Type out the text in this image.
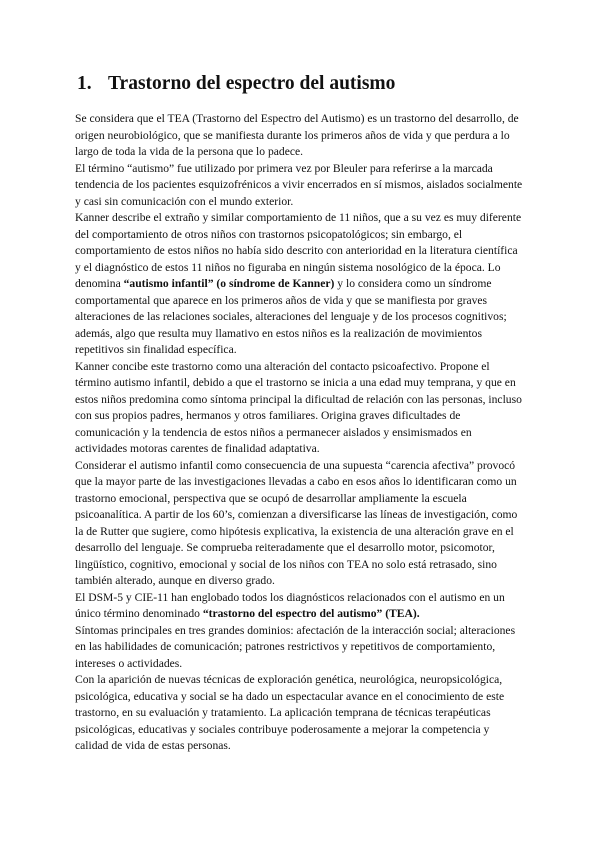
1. Trastorno del espectro del autismo

Se considera que el TEA (Trastorno del Espectro del Autismo) es un trastorno del desarrollo, de origen neurobiológico, que se manifiesta durante los primeros años de vida y que perdura a lo largo de toda la vida de la persona que lo padece.

El término “autismo” fue utilizado por primera vez por Bleuler para referirse a la marcada tendencia de los pacientes esquizofrénicos a vivir encerrados en sí mismos, aislados socialmente y casi sin comunicación con el mundo exterior.

Kanner describe el extraño y similar comportamiento de 11 niños, que a su vez es muy diferente del comportamiento de otros niños con trastornos psicopatológicos; sin embargo, el comportamiento de estos niños no había sido descrito con anterioridad en la literatura científica y el diagnóstico de estos 11 niños no figuraba en ningún sistema nosológico de la época. Lo denomina “autismo infantil” (o síndrome de Kanner) y lo considera como un síndrome comportamental que aparece en los primeros años de vida y que se manifiesta por graves alteraciones de las relaciones sociales, alteraciones del lenguaje y de los procesos cognitivos; además, algo que resulta muy llamativo en estos niños es la realización de movimientos repetitivos sin finalidad específica.

Kanner concibe este trastorno como una alteración del contacto psicoafectivo. Propone el término autismo infantil, debido a que el trastorno se inicia a una edad muy temprana, y que en estos niños predomina como síntoma principal la dificultad de relación con las personas, incluso con sus propios padres, hermanos y otros familiares. Origina graves dificultades de comunicación y la tendencia de estos niños a permanecer aislados y ensimismados en actividades motoras carentes de finalidad adaptativa.

Considerar el autismo infantil como consecuencia de una supuesta “carencia afectiva” provocó que la mayor parte de las investigaciones llevadas a cabo en esos años lo identificaran como un trastorno emocional, perspectiva que se ocupó de desarrollar ampliamente la escuela psicoanalítica. A partir de los 60’s, comienzan a diversificarse las líneas de investigación, como la de Rutter que sugiere, como hipótesis explicativa, la existencia de una alteración grave en el desarrollo del lenguaje. Se comprueba reiteradamente que el desarrollo motor, psicomotor, lingüístico, cognitivo, emocional y social de los niños con TEA no solo está retrasado, sino también alterado, aunque en diverso grado.

El DSM-5 y CIE-11 han englobado todos los diagnósticos relacionados con el autismo en un único término denominado “trastorno del espectro del autismo” (TEA).

Síntomas principales en tres grandes dominios: afectación de la interacción social; alteraciones en las habilidades de comunicación; patrones restrictivos y repetitivos de comportamiento, intereses o actividades.

Con la aparición de nuevas técnicas de exploración genética, neurológica, neuropsicológica, psicológica, educativa y social se ha dado un espectacular avance en el conocimiento de este trastorno, en su evaluación y tratamiento. La aplicación temprana de técnicas terapéuticas psicológicas, educativas y sociales contribuye poderosamente a mejorar la competencia y calidad de vida de estas personas.
